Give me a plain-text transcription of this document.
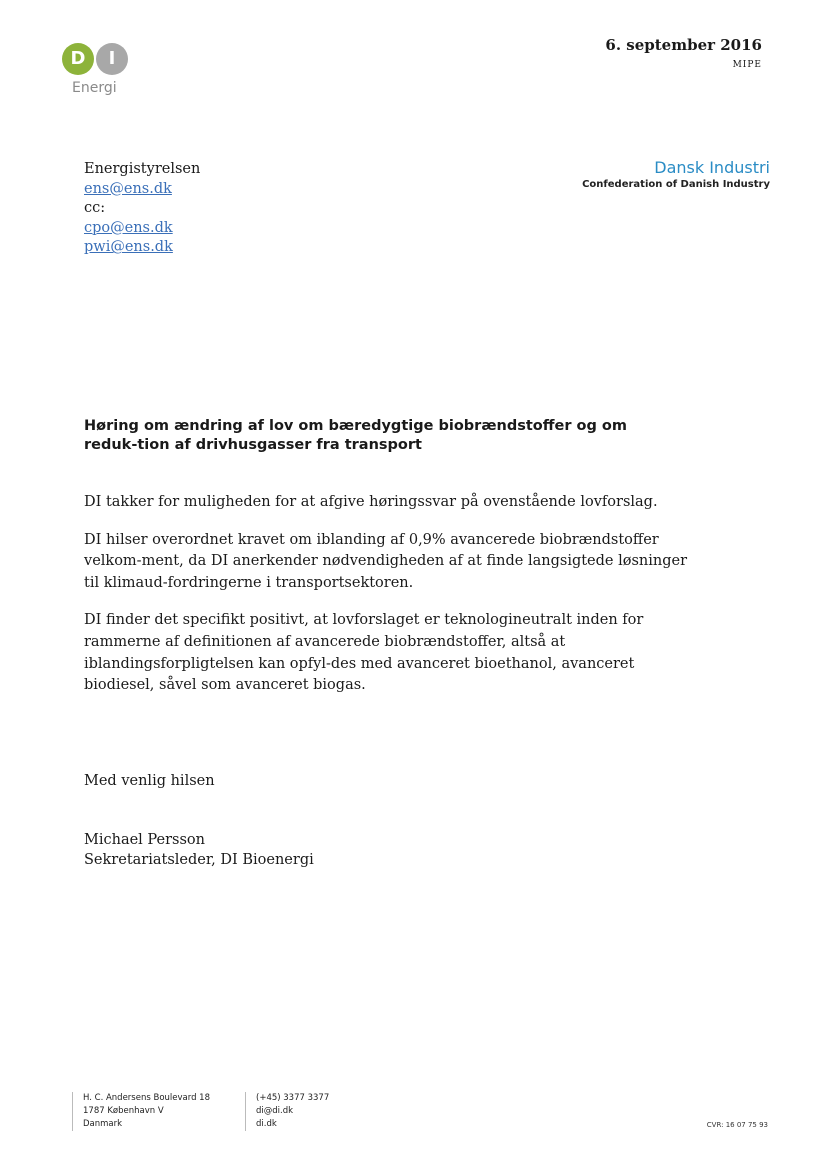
D	I
Energi
6. september 2016
MIPE
Energistyrelsen
ens@ens.dk
cc:
cpo@ens.dk
pwi@ens.dk
Dansk Industri
Confederation of Danish Industry
Høring om ændring af lov om bæredygtige biobrændstoffer og om reduk-tion af drivhusgasser fra transport

DI takker for muligheden for at afgive høringssvar på ovenstående lovforslag.

DI hilser overordnet kravet om iblanding af 0,9% avancerede biobrændstoffer velkom-ment, da DI anerkender nødvendigheden af at finde langsigtede løsninger til klimaud-fordringerne i transportsektoren.

DI finder det specifikt positivt, at lovforslaget er teknologineutralt inden for rammerne af definitionen af avancerede biobrændstoffer, altså at iblandingsforpligtelsen kan opfyl-des med avanceret bioethanol, avanceret biodiesel, såvel som avanceret biogas.

Med venlig hilsen
Michael Persson
Sekretariatsleder, DI Bioenergi
H. C. Andersens Boulevard 18
1787 København V
Danmark
(+45) 3377 3377
di@di.dk
di.dk	CVR: 16 07 75 93
